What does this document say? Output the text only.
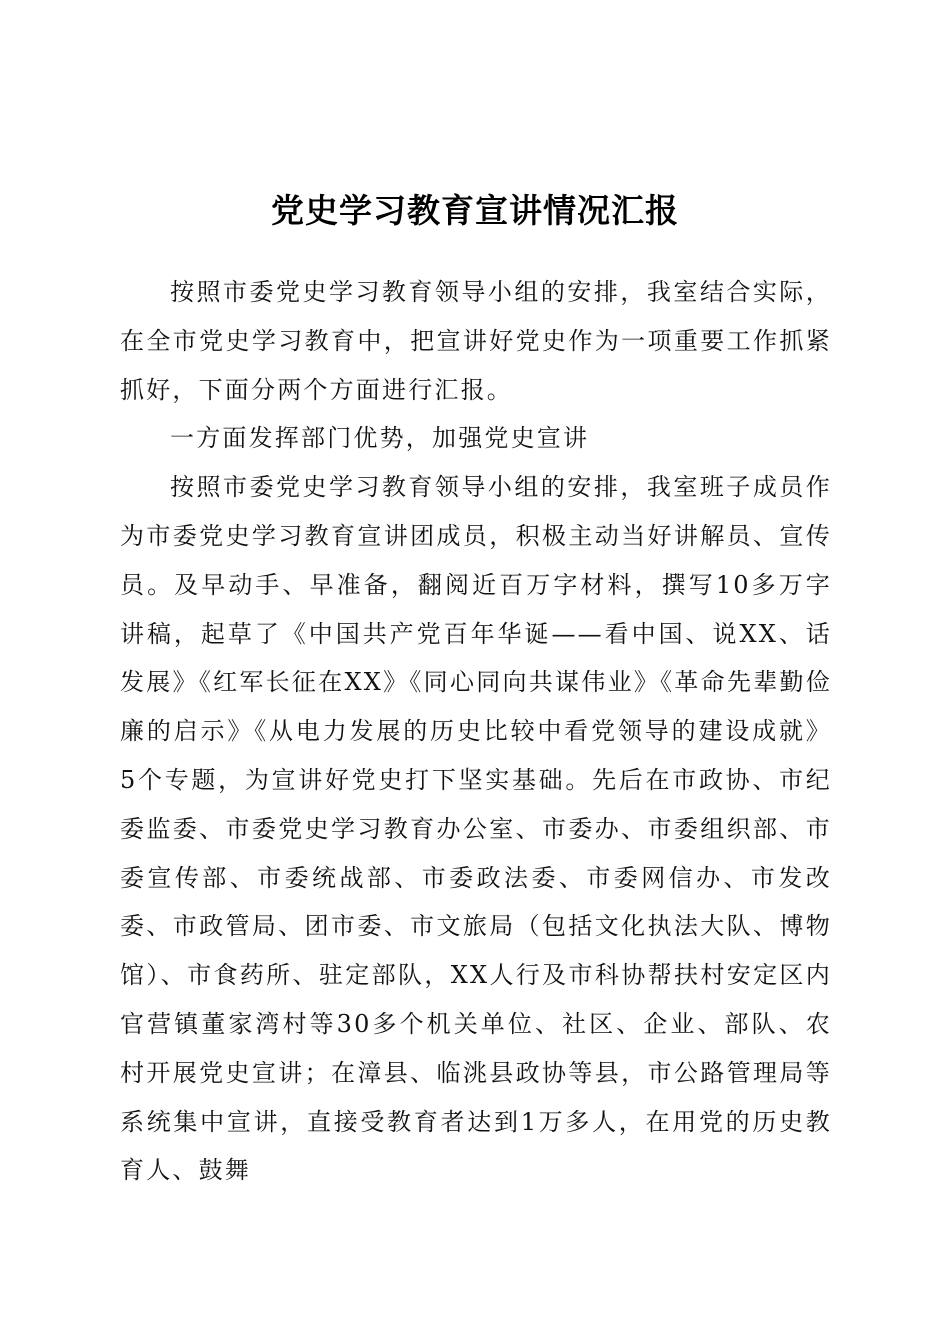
党史学习教育宣讲情况汇报

按照市委党史学习教育领导小组的安排，我室结合实际，在全市党史学习教育中，把宣讲好党史作为一项重要工作抓紧抓好，下面分两个方面进行汇报。

一方面发挥部门优势，加强党史宣讲

按照市委党史学习教育领导小组的安排，我室班子成员作为市委党史学习教育宣讲团成员，积极主动当好讲解员、宣传员。及早动手、早准备，翻阅近百万字材料，撰写10多万字讲稿，起草了《中国共产党百年华诞——看中国、说XX、话发展》《红军长征在XX》《同心同向共谋伟业》《革命先辈勤俭廉的启示》《从电力发展的历史比较中看党领导的建设成就》5个专题，为宣讲好党史打下坚实基础。先后在市政协、市纪委监委、市委党史学习教育办公室、市委办、市委组织部、市委宣传部、市委统战部、市委政法委、市委网信办、市发改委、市政管局、团市委、市文旅局（包括文化执法大队、博物馆）、市食药所、驻定部队，XX人行及市科协帮扶村安定区内官营镇董家湾村等30多个机关单位、社区、企业、部队、农村开展党史宣讲；在漳县、临洮县政协等县，市公路管理局等系统集中宣讲，直接受教育者达到1万多人，在用党的历史教育人、鼓舞
